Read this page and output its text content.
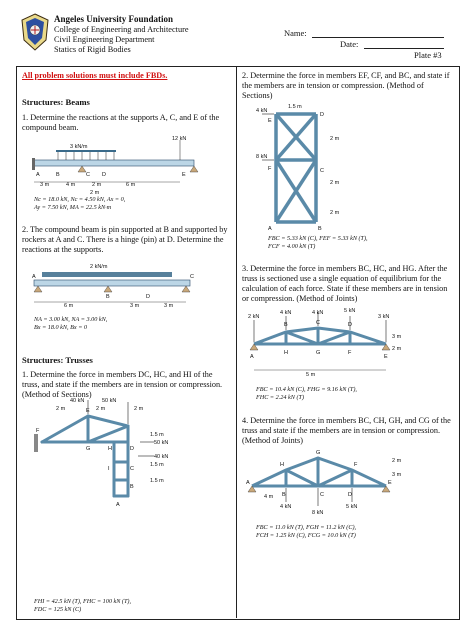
Angeles University Foundation
College of Engineering and Architecture
Civil Engineering Department
Statics of Rigid Bodies
Name:
Date:
Plate #3
All problem solutions must include FBDs.
Structures: Beams
1. Determine the reactions at the supports A, C, and E of the compound beam.
3 kN/m
12 kN
A	B	C D	E
3 m	4 m	6 m
2 m
2 m
Nc = 18.0 kN, Nc = 4.50 kN, Ax = 0,
Ay = 7.50 kN, MA = 22.5 kN·m
2. The compound beam is pin supported at B and supported by rockers at A and C. There is a hinge (pin) at D. Determine the reactions at the supports.
2 kN/m
A
B	D
C
6 m	3 m	3 m
NA = 3.00 kN, NA = 3.00 kN,
Bx = 18.0 kN, Bx = 0
Structures: Trusses
1. Determine the force in members DC, HC, and HI of the truss, and state if the members are in tension or compression. (Method of Sections)
50 kN
40 kN
50 kN
40 kN
2 m	2 m	2 m
1.5 m
1.5 m
1.5 m
A
B
C
D
E
F
G	H
I
FHI = 42.5 kN (T), FHC = 100 kN (T),
FDC = 125 kN (C)
2. Determine the force in members EF, CF, and BC, and state if the members are in tension or compression. (Method of Sections)
4 kN
8 kN
1.5 m
2 m
2 m
2 m
A	B
C
D
E
F
FBC = 5.33 kN (C), FEF = 5.33 kN (T),
FCF = 4.00 kN (T)
3. Determine the force in members BC, HC, and HG. After the truss is sectioned use a single equation of equilibrium for the calculation of each force. State if these members are in tension or compression. (Method of Joints)
5 kN
4 kN	4 kN
3 kN
2 kN
3 m
2 m
5 m
A
B	C	D
E
F
G
H
FBC = 10.4 kN (C), FHG = 9.16 kN (T),
FHC = 2.24 kN (T)
4. Determine the force in members BC, CH, GH, and CG of the truss and state if the members are in tension or compression. (Method of Joints)
4 kN
8 kN
5 kN
2 m
3 m
4 m
A
B	C	D
E
F
G
H
FBC = 11.0 kN (T), FGH = 11.2 kN (C),
FCH = 1.25 kN (C), FCG = 10.0 kN (T)
